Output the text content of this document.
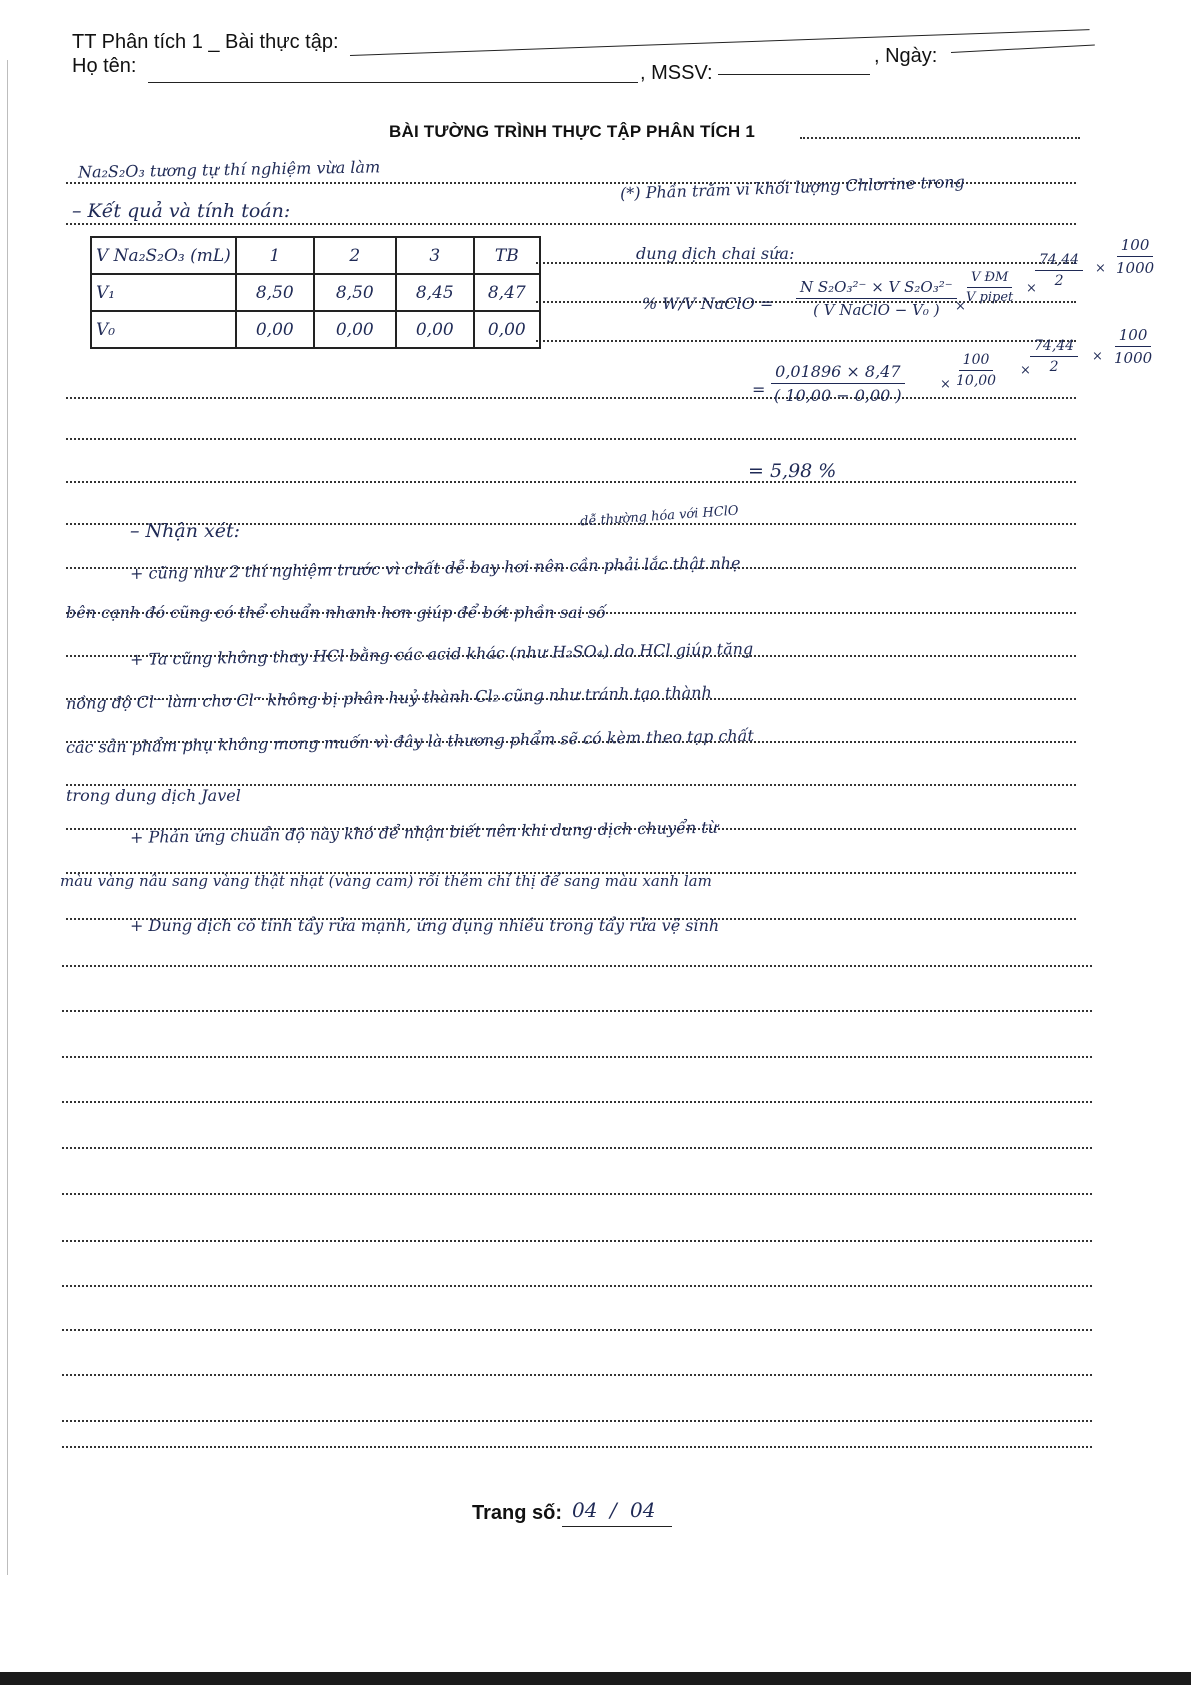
TT Phân tích 1 _ Bài thực tập:
Họ tên:	, MSSV:
, Ngày:
BÀI TƯỜNG TRÌNH THỰC TẬP PHÂN TÍCH 1
Na₂S₂O₃ tương tự thí nghiệm vừa làm
– Kết quả và tính toán:
V Na₂S₂O₃ (mL)	1	2	3	TB
V₁	8,50	8,50	8,45	8,47
V₀	0,00	0,00	0,00	0,00
(*) Phần trăm vi khối lượng Chlorine trong
dung dịch chai sứa:
% W/V NaClO =
N S₂O₃²⁻ × V S₂O₃²⁻
( V NaClO − V₀ )	×
V ĐM
V pipet
×
$\frac{74,44}{2} \times \frac{100}{1000}$
= $\frac{0,01896 \times 8,47}{( 10,00 - 0,00 )}$	× $\frac{100}{10,00} \times \frac{74,44}{2} \times \frac{100}{1000}$
= 5,98 %
dễ thường hóa với HClO
– Nhận xét:
+ cũng như 2 thí nghiệm trước vì chất dễ bay hơi nên cần phải lắc thật nhẹ
bên cạnh đó cũng có thể chuẩn nhanh hơn giúp để bớt phần sai số
+ Ta cũng không thay HCl bằng các acid khác (như H₂SO₄) do HCl giúp tăng
nồng độ Cl⁻ làm cho Cl⁻ không bị phân huỷ thành Cl₂ cũng như tránh tạo thành
các sản phẩm phụ không mong muốn vì đây là thương phẩm sẽ có kèm theo tạp chất
trong dung dịch Javel
+ Phản ứng chuẩn độ này khó để nhận biết nên khi dung dịch chuyển từ
màu vàng nâu sang vàng thật nhạt (vàng cam) rồi thêm chỉ thị để sang màu xanh lam
+ Dung dịch có tính tẩy rửa mạnh, ứng dụng nhiều trong tẩy rửa vệ sinh
Trang số: 04 / 04
